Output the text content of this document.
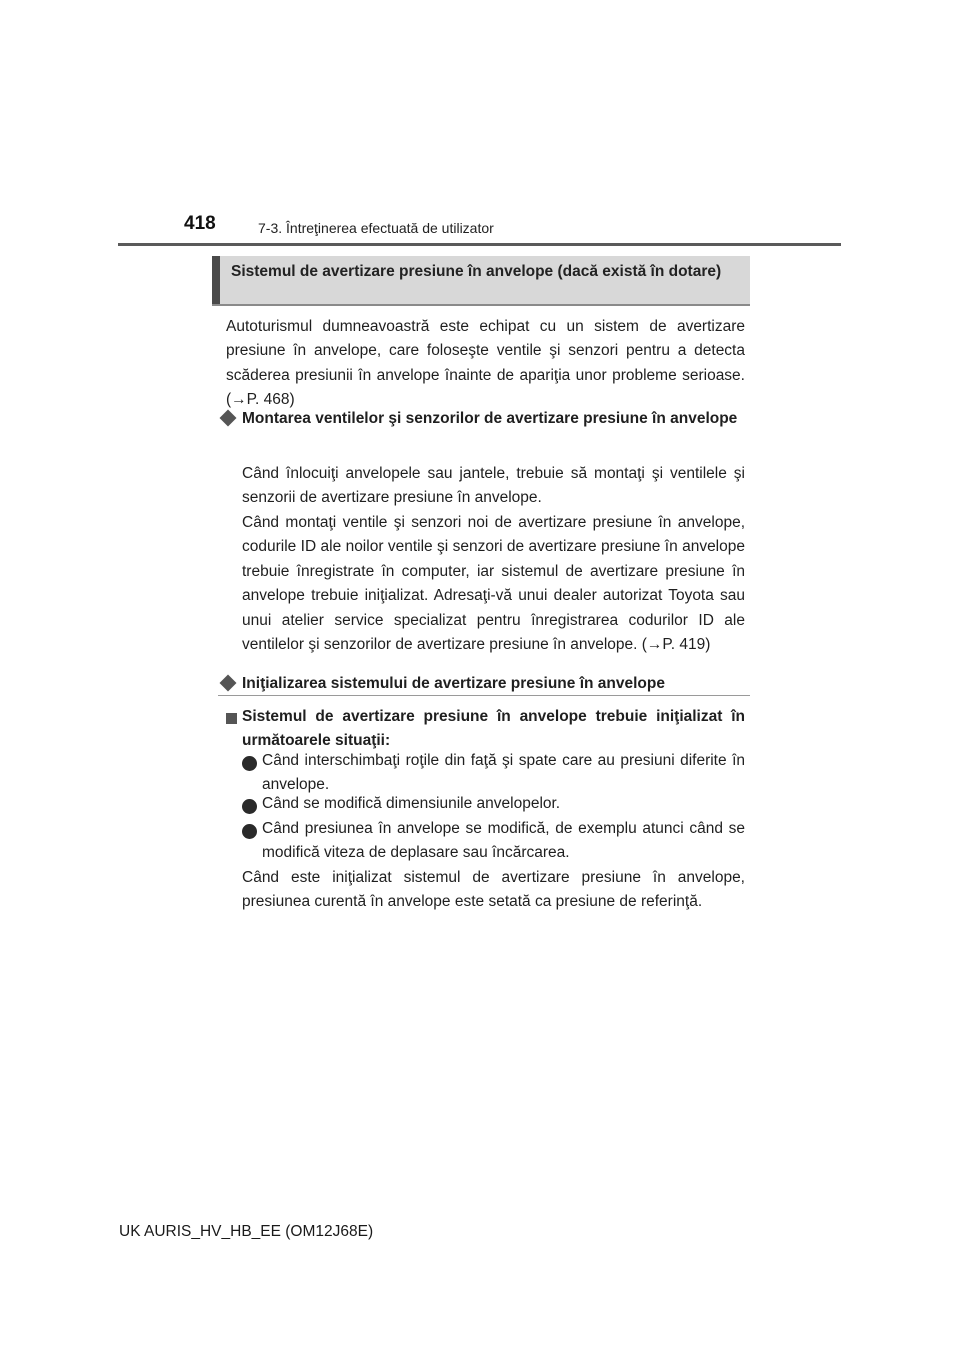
418	7-3. Întreţinerea efectuată de utilizator
Sistemul de avertizare presiune în anvelope (dacă există în dotare)
Autoturismul dumneavoastră este echipat cu un sistem de avertizare presiune în anvelope, care foloseşte ventile şi senzori pentru a detecta scăderea presiunii în anvelope înainte de apariţia unor probleme serioase. (→P. 468)
Montarea ventilelor şi senzorilor de avertizare presiune în anvelope
Când înlocuiţi anvelopele sau jantele, trebuie să montaţi şi ventilele şi senzorii de avertizare presiune în anvelope.
Când montaţi ventile şi senzori noi de avertizare presiune în anvelope, codurile ID ale noilor ventile şi senzori de avertizare presiune în anvelope trebuie înregistrate în computer, iar sistemul de avertizare presiune în anvelope trebuie iniţializat. Adresaţi-vă unui dealer autorizat Toyota sau unui atelier service specializat pentru înregistrarea codurilor ID ale ventilelor şi senzorilor de avertizare presiune în anvelope. (→P. 419)
Iniţializarea sistemului de avertizare presiune în anvelope
Sistemul de avertizare presiune în anvelope trebuie iniţializat în următoarele situaţii:
Când interschimbaţi roţile din faţă şi spate care au presiuni diferite în anvelope.
Când se modifică dimensiunile anvelopelor.
Când presiunea în anvelope se modifică, de exemplu atunci când se modifică viteza de deplasare sau încărcarea.
Când este iniţializat sistemul de avertizare presiune în anvelope, presiunea curentă în anvelope este setată ca presiune de referinţă.
UK AURIS_HV_HB_EE (OM12J68E)
